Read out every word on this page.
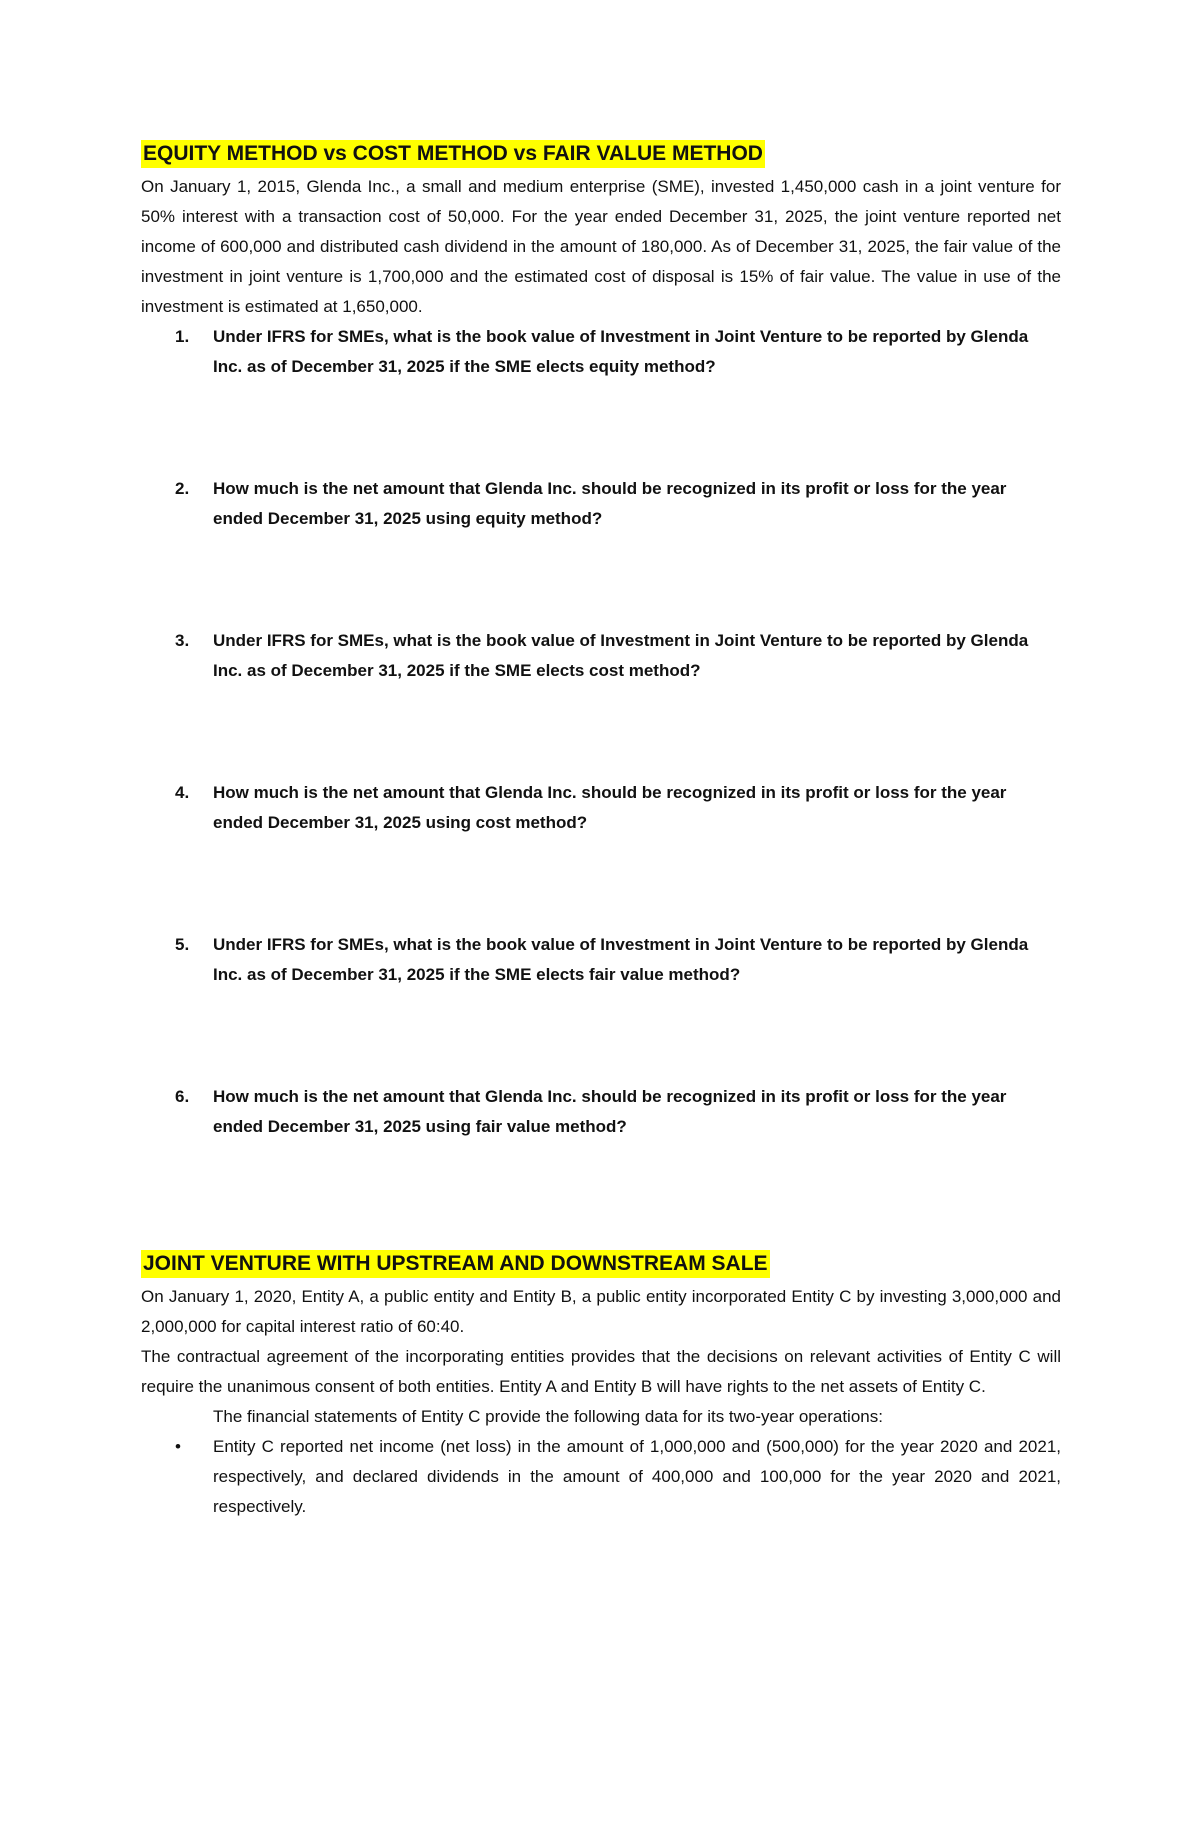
EQUITY METHOD vs COST METHOD vs FAIR VALUE METHOD

On January 1, 2015, Glenda Inc., a small and medium enterprise (SME), invested 1,450,000 cash in a joint venture for 50% interest with a transaction cost of 50,000. For the year ended December 31, 2025, the joint venture reported net income of 600,000 and distributed cash dividend in the amount of 180,000. As of December 31, 2025, the fair value of the investment in joint venture is 1,700,000 and the estimated cost of disposal is 15% of fair value. The value in use of the investment is estimated at 1,650,000.

1. Under IFRS for SMEs, what is the book value of Investment in Joint Venture to be reported by Glenda Inc. as of December 31, 2025 if the SME elects equity method?
2. How much is the net amount that Glenda Inc. should be recognized in its profit or loss for the year ended December 31, 2025 using equity method?
3. Under IFRS for SMEs, what is the book value of Investment in Joint Venture to be reported by Glenda Inc. as of December 31, 2025 if the SME elects cost method?
4. How much is the net amount that Glenda Inc. should be recognized in its profit or loss for the year ended December 31, 2025 using cost method?
5. Under IFRS for SMEs, what is the book value of Investment in Joint Venture to be reported by Glenda Inc. as of December 31, 2025 if the SME elects fair value method?
6. How much is the net amount that Glenda Inc. should be recognized in its profit or loss for the year ended December 31, 2025 using fair value method?
JOINT VENTURE WITH UPSTREAM AND DOWNSTREAM SALE

On January 1, 2020, Entity A, a public entity and Entity B, a public entity incorporated Entity C by investing 3,000,000 and 2,000,000 for capital interest ratio of 60:40.

The contractual agreement of the incorporating entities provides that the decisions on relevant activities of Entity C will require the unanimous consent of both entities. Entity A and Entity B will have rights to the net assets of Entity C.

The financial statements of Entity C provide the following data for its two-year operations:

• Entity C reported net income (net loss) in the amount of 1,000,000 and (500,000) for the year 2020 and 2021, respectively, and declared dividends in the amount of 400,000 and 100,000 for the year 2020 and 2021, respectively.
